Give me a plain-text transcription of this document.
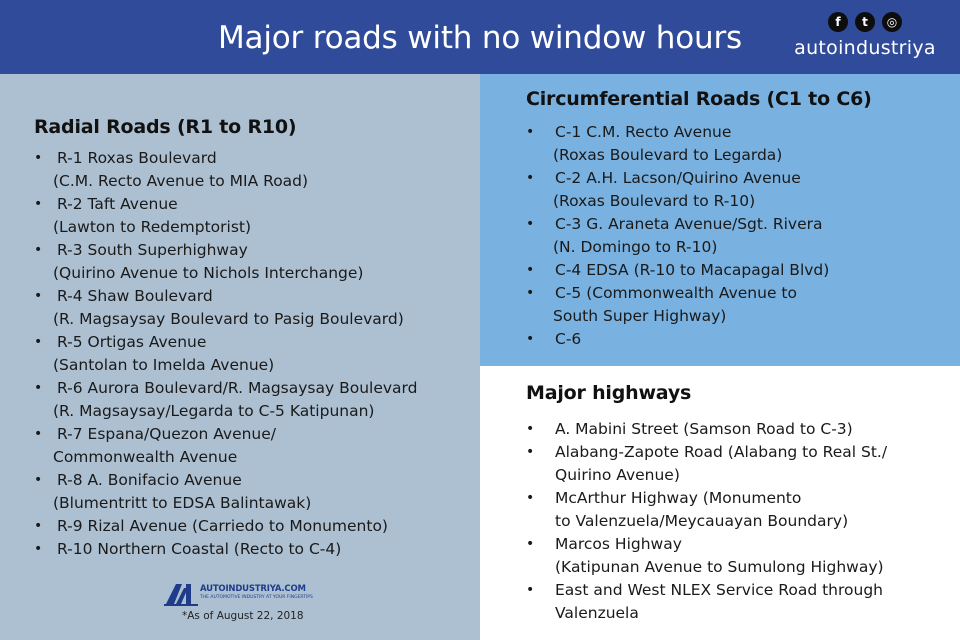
Major roads with no window hours	f	t	◎
autoindustriya
Radial Roads (R1 to R10)
• R-1 Roxas Boulevard
(C.M. Recto Avenue to MIA Road)
• R-2 Taft Avenue
(Lawton to Redemptorist)
• R-3 South Superhighway
(Quirino Avenue to Nichols Interchange)
• R-4 Shaw Boulevard
(R. Magsaysay Boulevard to Pasig Boulevard)
• R-5 Ortigas Avenue
(Santolan to Imelda Avenue)
• R-6 Aurora Boulevard/R. Magsaysay Boulevard
(R. Magsaysay/Legarda to C-5 Katipunan)
• R-7 Espana/Quezon Avenue/
Commonwealth Avenue
• R-8 A. Bonifacio Avenue
(Blumentritt to EDSA Balintawak)
• R-9 Rizal Avenue (Carriedo to Monumento)
• R-10 Northern Coastal (Recto to C-4)
AUTOINDUSTRIYA.COM
THE AUTOMOTIVE INDUSTRY AT YOUR FINGERTIPS
*As of August 22, 2018
Circumferential Roads (C1 to C6)
•	C-1 C.M. Recto Avenue
(Roxas Boulevard to Legarda)
•	C-2 A.H. Lacson/Quirino Avenue
(Roxas Boulevard to R-10)
•	C-3 G. Araneta Avenue/Sgt. Rivera
(N. Domingo to R-10)
•	C-4 EDSA (R-10 to Macapagal Blvd)
•	C-5 (Commonwealth Avenue to
South Super Highway)
•	C-6
Major highways
•	A. Mabini Street (Samson Road to C-3)
•	Alabang-Zapote Road (Alabang to Real St./
Quirino Avenue)
•	McArthur Highway (Monumento
to Valenzuela/Meycauayan Boundary)
•	Marcos Highway
(Katipunan Avenue to Sumulong Highway)
•	East and West NLEX Service Road through
Valenzuela
